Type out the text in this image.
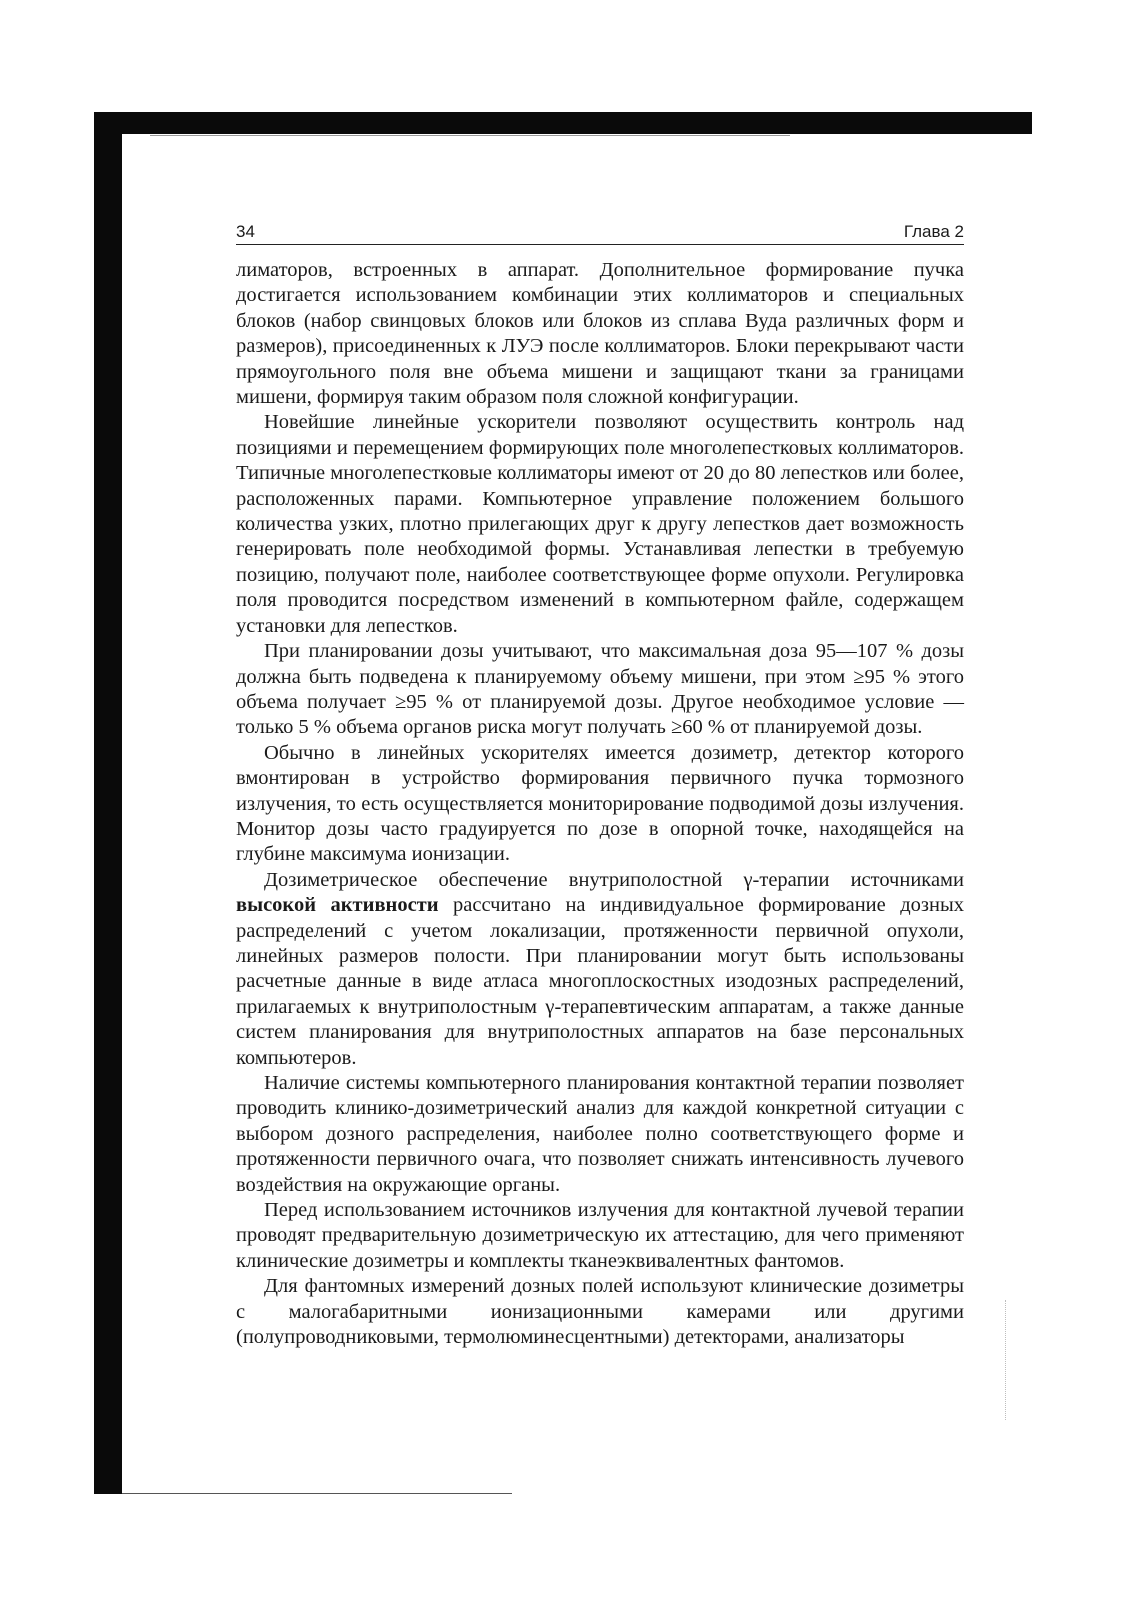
34	Глава 2

лиматоров, встроенных в аппарат. Дополнительное формирование пучка достигается использованием комбинации этих коллиматоров и специальных блоков (набор свинцовых блоков или блоков из сплава Вуда различных форм и размеров), присоединенных к ЛУЭ после коллиматоров. Блоки перекрывают части прямоугольного поля вне объема мишени и защищают ткани за границами мишени, формируя таким образом поля сложной конфигурации.

Новейшие линейные ускорители позволяют осуществить контроль над позициями и перемещением формирующих поле многолепестковых коллиматоров. Типичные многолепестковые коллиматоры имеют от 20 до 80 лепестков или более, расположенных парами. Компьютерное управление положением большого количества узких, плотно прилегающих друг к другу лепестков дает возможность генерировать поле необходимой формы. Устанавливая лепестки в требуемую позицию, получают поле, наиболее соответствующее форме опухоли. Регулировка поля проводится посредством изменений в компьютерном файле, содержащем установки для лепестков.

При планировании дозы учитывают, что максимальная доза 95—107 % дозы должна быть подведена к планируемому объему мишени, при этом ≥95 % этого объема получает ≥95 % от планируемой дозы. Другое необходимое условие — только 5 % объема органов риска могут получать ≥60 % от планируемой дозы.

Обычно в линейных ускорителях имеется дозиметр, детектор которого вмонтирован в устройство формирования первичного пучка тормозного излучения, то есть осуществляется мониторирование подводимой дозы излучения. Монитор дозы часто градуируется по дозе в опорной точке, находящейся на глубине максимума ионизации.

Дозиметрическое обеспечение внутриполостной γ-терапии источниками высокой активности рассчитано на индивидуальное формирование дозных распределений с учетом локализации, протяженности первичной опухоли, линейных размеров полости. При планировании могут быть использованы расчетные данные в виде атласа многоплоскостных изодозных распределений, прилагаемых к внутриполостным γ-терапевтическим аппаратам, а также данные систем планирования для внутриполостных аппаратов на базе персональных компьютеров.

Наличие системы компьютерного планирования контактной терапии позволяет проводить клинико-дозиметрический анализ для каждой конкретной ситуации с выбором дозного распределения, наиболее полно соответствующего форме и протяженности первичного очага, что позволяет снижать интенсивность лучевого воздействия на окружающие органы.

Перед использованием источников излучения для контактной лучевой терапии проводят предварительную дозиметрическую их аттестацию, для чего применяют клинические дозиметры и комплекты тканеэквивалентных фантомов.

Для фантомных измерений дозных полей используют клинические дозиметры с малогабаритными ионизационными камерами или другими (полупроводниковыми, термолюминесцентными) детекторами, анализаторы
